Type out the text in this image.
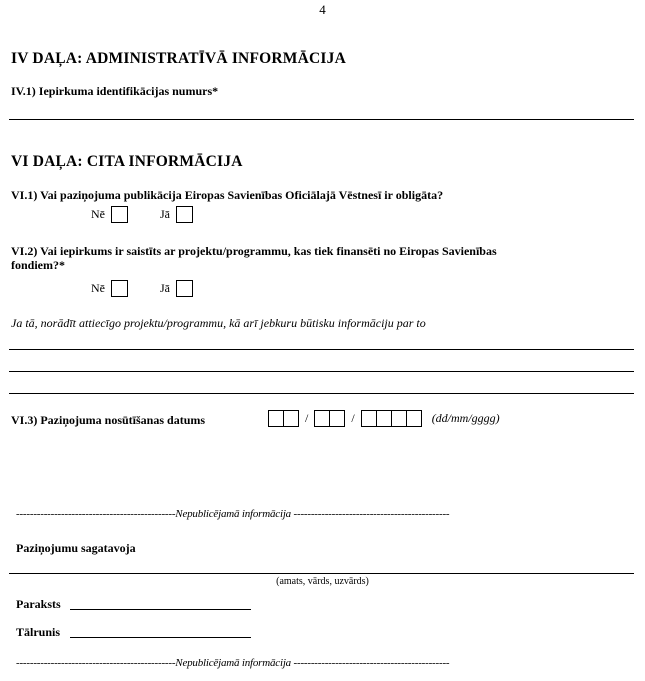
4
IV DAĻA: ADMINISTRATĪVĀ INFORMĀCIJA
IV.1) Iepirkuma identifikācijas numurs*
VI DAĻA: CITA INFORMĀCIJA
VI.1) Vai paziņojuma publikācija Eiropas Savienības Oficiālajā Vēstnesī ir obligāta?
Nē
	Jā
VI.2) Vai iepirkums ir saistīts ar projektu/programmu, kas tiek finansēti no Eiropas Savienības
fondiem?*
Nē
	Jā
Ja tā, norādīt attiecīgo projektu/programmu, kā arī jebkuru būtisku informāciju par to
VI.3) Paziņojuma nosūtīšanas datums	/	/	(dd/mm/gggg)
----------------------------------------------Nepublicējamā informācija ---------------------------------------------
Paziņojumu sagatavoja
(amats, vārds, uzvārds)
Paraksts
Tālrunis
----------------------------------------------Nepublicējamā informācija ---------------------------------------------
